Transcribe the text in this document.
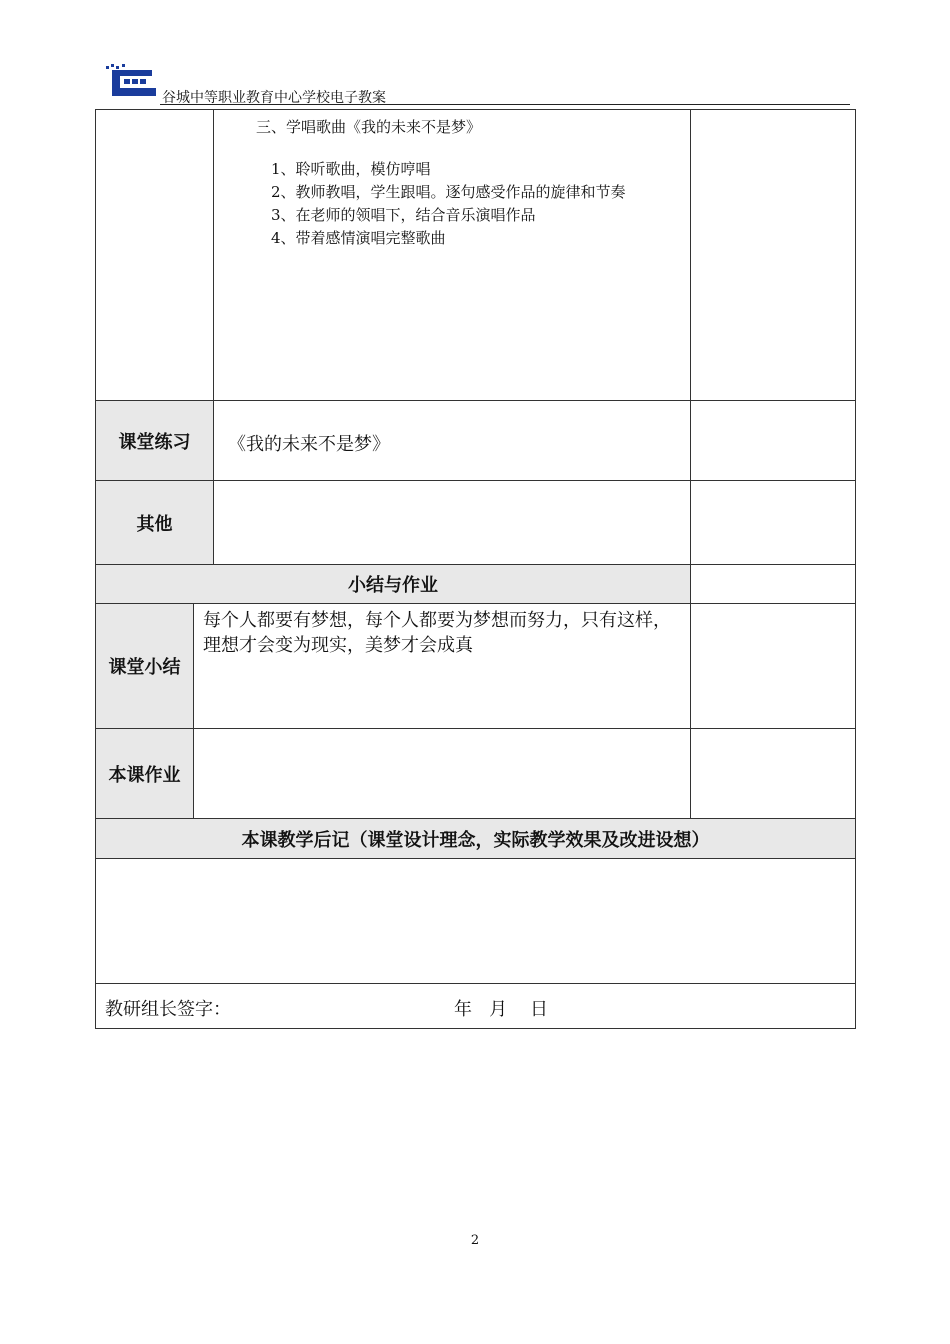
谷城中等职业教育中心学校电子教案
三、学唱歌曲《我的未来不是梦》
1、聆听歌曲，模仿哼唱
2、教师教唱，学生跟唱。逐句感受作品的旋律和节奏
3、在老师的领唱下，结合音乐演唱作品
4、带着感情演唱完整歌曲
课堂练习	《我的未来不是梦》
其他
小结与作业
课堂小结
每个人都要有梦想，每个人都要为梦想而努力，只有这样，
理想才会变为现实，美梦才会成真
本课作业
本课教学后记（课堂设计理念，实际教学效果及改进设想）
教研组长签字：	年   月    日
2
